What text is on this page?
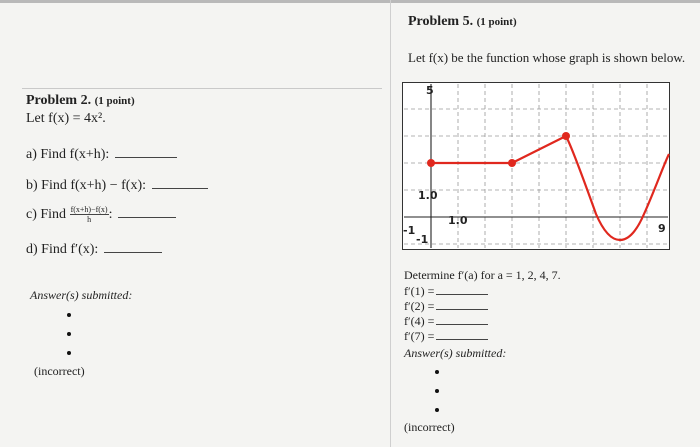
Problem 2. (1 point)
Let f(x) = 4x².
a) Find f(x+h):
b) Find f(x+h) − f(x):
c) Find $\frac{f(x+h)-f(x)}{h}$ :
d) Find f′(x):
Answer(s) submitted:
(incorrect)
Problem 5. (1 point)
Let f(x) be the function whose graph is shown below.
5
1.0
1.0
-1
-1
9
Determine f′(a) for a = 1, 2, 4, 7.
f′(1) =
f′(2) =
f′(4) =
f′(7) =
Answer(s) submitted:
(incorrect)
